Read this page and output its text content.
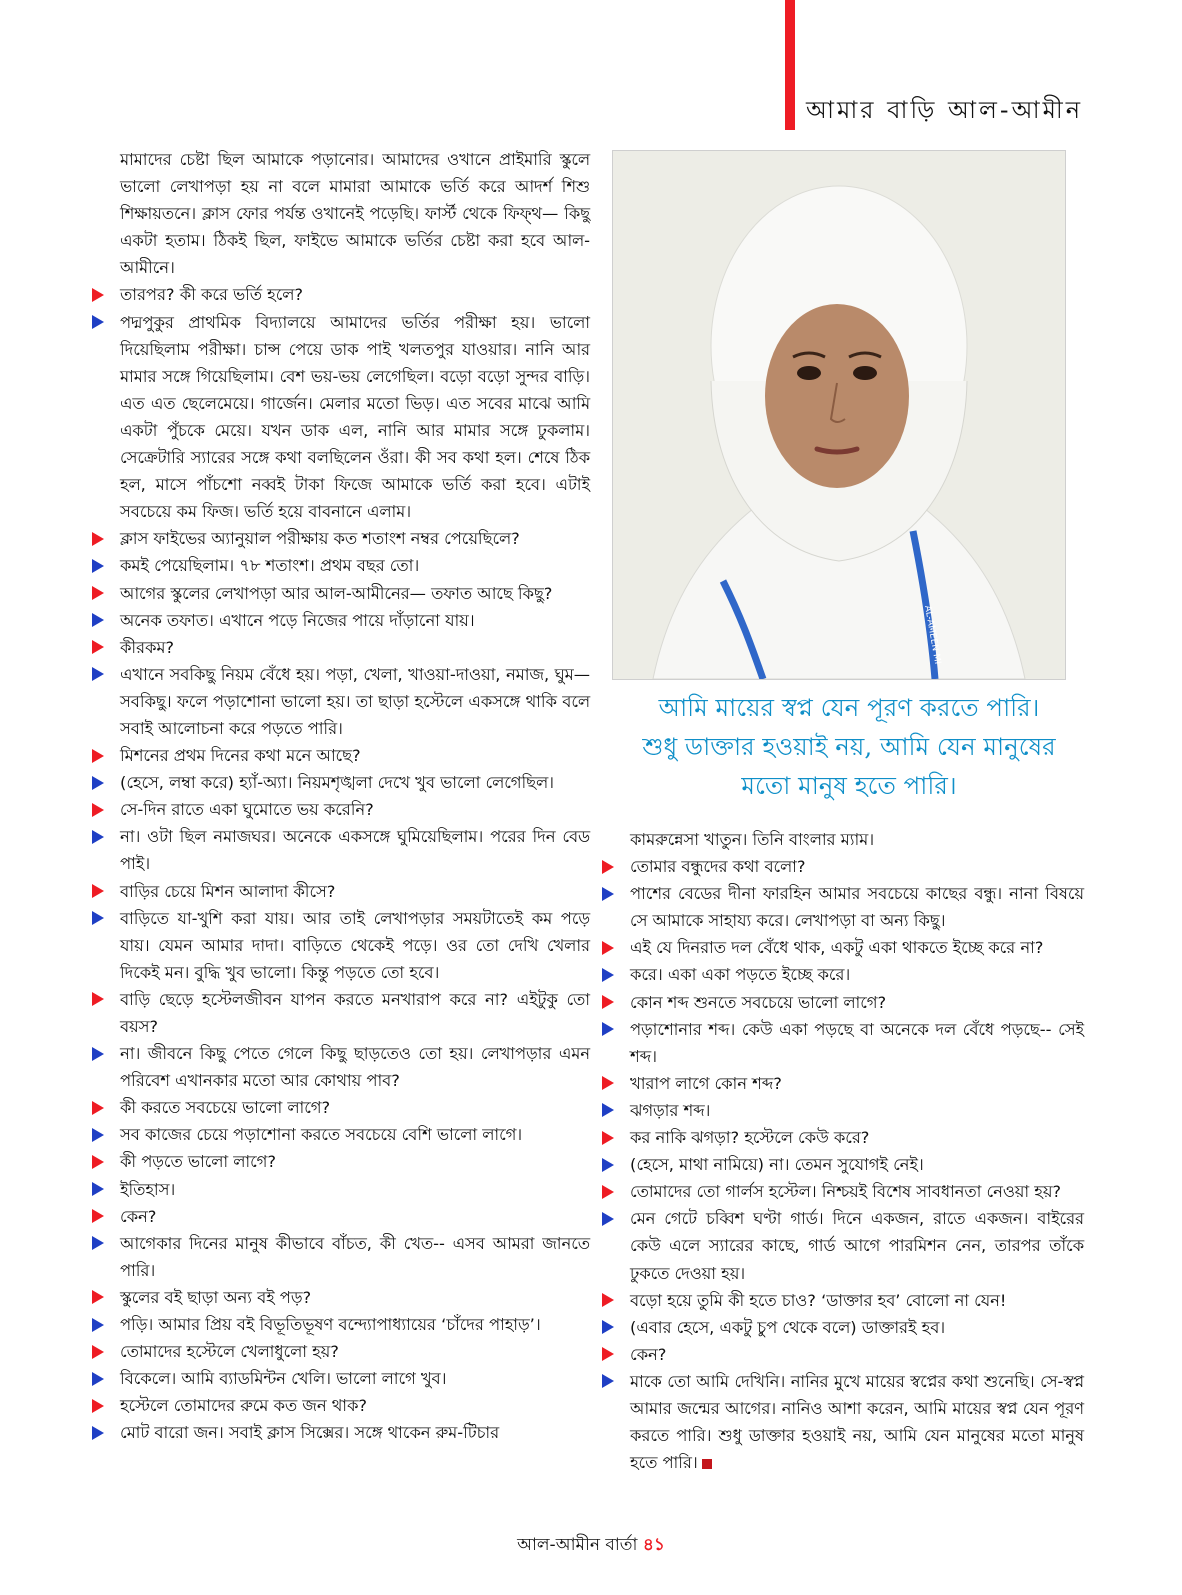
আমার বাড়ি আল-আমীন

মামাদের চেষ্টা ছিল আমাকে পড়ানোর। আমাদের ওখানে প্রাইমারি স্কুলে ভালো লেখাপড়া হয় না বলে মামারা আমাকে ভর্তি করে আদর্শ শিশু শিক্ষায়তনে। ক্লাস ফোর পর্যন্ত ওখানেই পড়েছি। ফার্স্ট থেকে ফিফ্থ— কিছু একটা হতাম। ঠিকই ছিল, ফাইভে আমাকে ভর্তির চেষ্টা করা হবে আল-আমীনে।

তারপর? কী করে ভর্তি হলে?
পদ্মপুকুর প্রাথমিক বিদ্যালয়ে আমাদের ভর্তির পরীক্ষা হয়। ভালো দিয়েছিলাম পরীক্ষা। চান্স পেয়ে ডাক পাই খলতপুর যাওয়ার। নানি আর মামার সঙ্গে গিয়েছিলাম। বেশ ভয়-ভয় লেগেছিল। বড়ো বড়ো সুন্দর বাড়ি। এত এত ছেলেমেয়ে। গার্জেন। মেলার মতো ভিড়। এত সবের মাঝে আমি একটা পুঁচকে মেয়ে। যখন ডাক এল, নানি আর মামার সঙ্গে ঢুকলাম। সেক্রেটারি স্যারের সঙ্গে কথা বলছিলেন ওঁরা। কী সব কথা হল। শেষে ঠিক হল, মাসে পাঁচশো নব্বই টাকা ফিজে আমাকে ভর্তি করা হবে। এটাই সবচেয়ে কম ফিজ। ভর্তি হয়ে বাবনানে এলাম।
ক্লাস ফাইভের অ্যানুয়াল পরীক্ষায় কত শতাংশ নম্বর পেয়েছিলে?
কমই পেয়েছিলাম। ৭৮ শতাংশ। প্রথম বছর তো।
আগের স্কুলের লেখাপড়া আর আল-আমীনের— তফাত আছে কিছু?
অনেক তফাত। এখানে পড়ে নিজের পায়ে দাঁড়ানো যায়।
কীরকম?
এখানে সবকিছু নিয়ম বেঁধে হয়। পড়া, খেলা, খাওয়া-দাওয়া, নমাজ, ঘুম— সবকিছু। ফলে পড়াশোনা ভালো হয়। তা ছাড়া হস্টেলে একসঙ্গে থাকি বলে সবাই আলোচনা করে পড়তে পারি।
মিশনের প্রথম দিনের কথা মনে আছে?
(হেসে, লম্বা করে) হ্যাঁ-অ্যা। নিয়মশৃঙ্খলা দেখে খুব ভালো লেগেছিল।
সে-দিন রাতে একা ঘুমোতে ভয় করেনি?
না। ওটা ছিল নমাজঘর। অনেকে একসঙ্গে ঘুমিয়েছিলাম। পরের দিন বেড পাই।
বাড়ির চেয়ে মিশন আলাদা কীসে?
বাড়িতে যা-খুশি করা যায়। আর তাই লেখাপড়ার সময়টাতেই কম পড়ে যায়। যেমন আমার দাদা। বাড়িতে থেকেই পড়ে। ওর তো দেখি খেলার দিকেই মন। বুদ্ধি খুব ভালো। কিন্তু পড়তে তো হবে।
বাড়ি ছেড়ে হস্টেলজীবন যাপন করতে মনখারাপ করে না? এইটুকু তো বয়স?
না। জীবনে কিছু পেতে গেলে কিছু ছাড়তেও তো হয়। লেখাপড়ার এমন পরিবেশ এখানকার মতো আর কোথায় পাব?
কী করতে সবচেয়ে ভালো লাগে?
সব কাজের চেয়ে পড়াশোনা করতে সবচেয়ে বেশি ভালো লাগে।
কী পড়তে ভালো লাগে?
ইতিহাস।
কেন?
আগেকার দিনের মানুষ কীভাবে বাঁচত, কী খেত-- এসব আমরা জানতে পারি।
স্কুলের বই ছাড়া অন্য বই পড়?
পড়ি। আমার প্রিয় বই বিভূতিভূষণ বন্দ্যোপাধ্যায়ের ‘চাঁদের পাহাড়’।
তোমাদের হস্টেলে খেলাধুলো হয়?
বিকেলে। আমি ব্যাডমিন্টন খেলি। ভালো লাগে খুব।
হস্টেলে তোমাদের রুমে কত জন থাক?
মোট বারো জন। সবাই ক্লাস সিক্সের। সঙ্গে থাকেন রুম-টিচার
AL-AMEEN MI
আমি মায়ের স্বপ্ন যেন পূরণ করতে পারি।
শুধু ডাক্তার হওয়াই নয়, আমি যেন মানুষের
মতো মানুষ হতে পারি।

কামরুন্নেসা খাতুন। তিনি বাংলার ম্যাম।

তোমার বন্ধুদের কথা বলো?
পাশের বেডের দীনা ফারহিন আমার সবচেয়ে কাছের বন্ধু। নানা বিষয়ে সে আমাকে সাহায্য করে। লেখাপড়া বা অন্য কিছু।
এই যে দিনরাত দল বেঁধে থাক, একটু একা থাকতে ইচ্ছে করে না?
করে। একা একা পড়তে ইচ্ছে করে।
কোন শব্দ শুনতে সবচেয়ে ভালো লাগে?
পড়াশোনার শব্দ। কেউ একা পড়ছে বা অনেকে দল বেঁধে পড়ছে-- সেই শব্দ।
খারাপ লাগে কোন শব্দ?
ঝগড়ার শব্দ।
কর নাকি ঝগড়া? হস্টেলে কেউ করে?
(হেসে, মাথা নামিয়ে) না। তেমন সুযোগই নেই।
তোমাদের তো গার্লস হস্টেল। নিশ্চয়ই বিশেষ সাবধানতা নেওয়া হয়?
মেন গেটে চব্বিশ ঘণ্টা গার্ড। দিনে একজন, রাতে একজন। বাইরের কেউ এলে স্যারের কাছে, গার্ড আগে পারমিশন নেন, তারপর তাঁকে ঢুকতে দেওয়া হয়।
বড়ো হয়ে তুমি কী হতে চাও? ‘ডাক্তার হব’ বোলো না যেন!
(এবার হেসে, একটু চুপ থেকে বলে) ডাক্তারই হব।
কেন?
মাকে তো আমি দেখিনি। নানির মুখে মায়ের স্বপ্নের কথা শুনেছি। সে-স্বপ্ন আমার জন্মের আগের। নানিও আশা করেন, আমি মায়ের স্বপ্ন যেন পূরণ করতে পারি। শুধু ডাক্তার হওয়াই নয়, আমি যেন মানুষের মতো মানুষ হতে পারি।
আল-আমীন বার্তা ৪১
